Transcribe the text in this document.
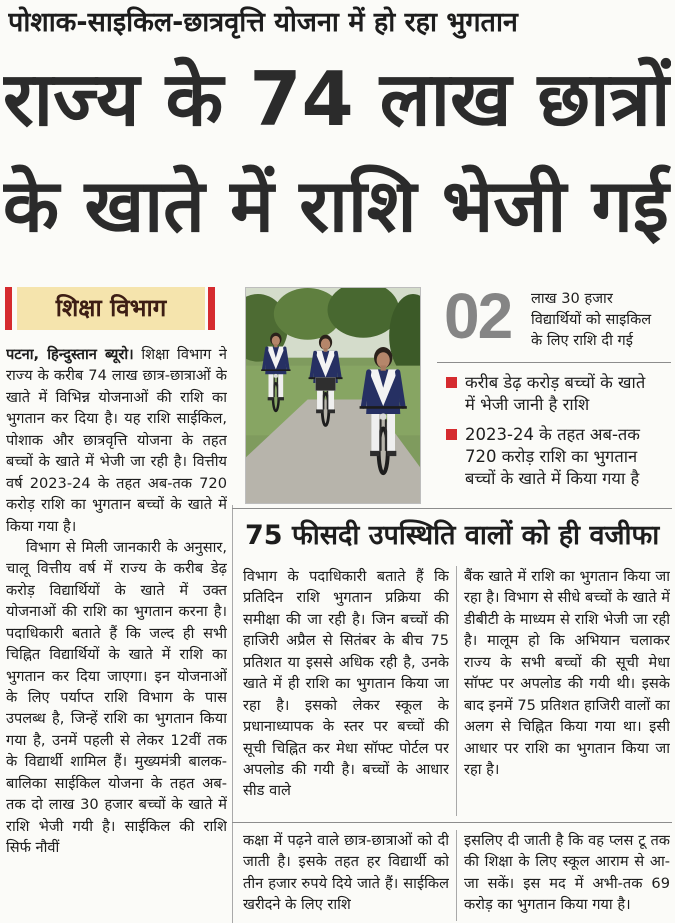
पोशाक-साइकिल-छात्रवृत्ति योजना में हो रहा भुगतान
राज्य के 74 लाख छात्रों
के खाते में राशि भेजी गई
शिक्षा विभाग

पटना, हिन्दुस्तान ब्यूरो। शिक्षा विभाग ने राज्य के करीब 74 लाख छात्र-छात्राओं के खाते में विभिन्न योजनाओं की राशि का भुगतान कर दिया है। यह राशि साईकिल, पोशाक और छात्रवृत्ति योजना के तहत बच्चों के खाते में भेजी जा रही है। वित्तीय वर्ष 2023-24 के तहत अब-तक 720 करोड़ राशि का भुगतान बच्चों के खाते में किया गया है।

विभाग से मिली जानकारी के अनुसार, चालू वित्तीय वर्ष में राज्य के करीब डेढ़ करोड़ विद्यार्थियों के खाते में उक्त योजनाओं की राशि का भुगतान करना है। पदाधिकारी बताते हैं कि जल्द ही सभी चिह्नित विद्यार्थियों के खाते में राशि का भुगतान कर दिया जाएगा। इन योजनाओं के लिए पर्याप्त राशि विभाग के पास उपलब्ध है, जिन्हें राशि का भुगतान किया गया है, उनमें पहली से लेकर 12वीं तक के विद्यार्थी शामिल हैं। मुख्यमंत्री बालक-बालिका साईकिल योजना के तहत अब-तक दो लाख 30 हजार बच्चों के खाते में राशि भेजी गयी है। साईकिल की राशि सिर्फ नौवीं

02	लाख 30 हजार
विद्यार्थियों को साइकिल
के लिए राशि दी गई
करीब डेढ़ करोड़ बच्चों के खाते
में भेजी जानी है राशि
2023-24 के तहत अब-तक
720 करोड़ राशि का भुगतान
बच्चों के खाते में किया गया है
75 फीसदी उपस्थिति वालों को ही वजीफा
विभाग के पदाधिकारी बताते हैं कि प्रतिदिन राशि भुगतान प्रक्रिया की समीक्षा की जा रही है। जिन बच्चों की हाजिरी अप्रैल से सितंबर के बीच 75 प्रतिशत या इससे अधिक रही है, उनके खाते में ही राशि का भुगतान किया जा रहा है। इसको लेकर स्कूल के प्रधानाध्यापक के स्तर पर बच्चों की सूची चिह्नित कर मेधा सॉफ्ट पोर्टल पर अपलोड की गयी है। बच्चों के आधार सीड वाले
बैंक खाते में राशि का भुगतान किया जा रहा है। विभाग से सीधे बच्चों के खाते में डीबीटी के माध्यम से राशि भेजी जा रही है। मालूम हो कि अभियान चलाकर राज्य के सभी बच्चों की सूची मेधा सॉफ्ट पर अपलोड की गयी थी। इसके बाद इनमें 75 प्रतिशत हाजिरी वालों का अलग से चिह्नित किया गया था। इसी आधार पर राशि का भुगतान किया जा रहा है।
कक्षा में पढ़ने वाले छात्र-छात्राओं को दी जाती है। इसके तहत हर विद्यार्थी को तीन हजार रुपये दिये जाते हैं। साईकिल खरीदने के लिए राशि
इसलिए दी जाती है कि वह प्लस टू तक की शिक्षा के लिए स्कूल आराम से आ-जा सकें। इस मद में अभी-तक 69 करोड़ का भुगतान किया गया है।
